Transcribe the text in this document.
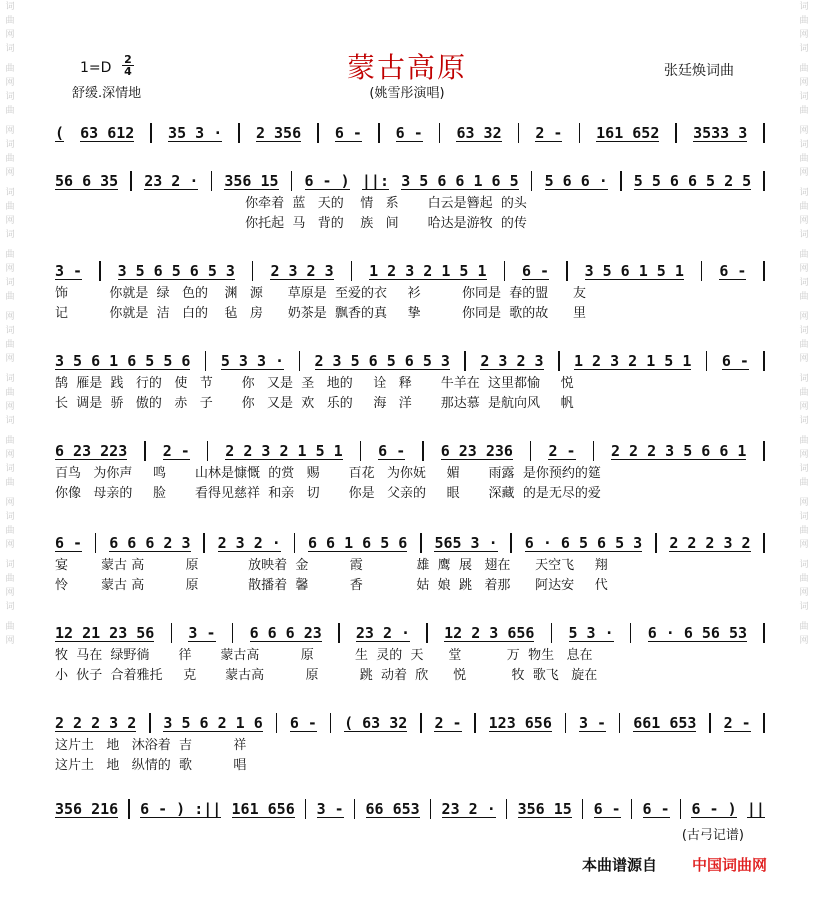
词
曲
网
词
曲
网
词
曲
网
词
曲
网
词
曲
网
词
曲
网
词
曲
网
词
曲
网
词
曲
网
词
曲
网
词
曲
网
词
曲
网
词
曲
网
词
曲
网
词
曲
网
词
曲
网
词
曲
网
词
曲
网
词
曲
网
词
曲
网
词
曲
网
词
曲
网
词
曲
网
词
曲
网
词
曲
网
词
曲
网
词
曲
网
词
曲
网
蒙古高原
(姚雪彤演唱)
1=D
2
4
舒缓.深情地
张廷焕词曲
( 63 612 35 3 · 2 356 6 - 6 - 63 32 2 - 161 652 3533 3
56 6 35 23 2 · 356 15 6 - ) ||: 3 5 6 6 1 6 5 5 6 6 · 5 5 6 6 5 2 5
你牵着  蓝   天的    情   系       白云是簪起  的头
你托起  马   背的    族   间       哈达是游牧  的传
3 - 3 5 6 5 6 5 3 2 3 2 3 1 2 3 2 1 5 1 6 - 3 5 6 1 5 1 6 -
饰          你就是  绿   色的    渊   源      草原是  至爱的衣     衫          你同是  春的盟      友
记          你就是  洁   白的    毡   房      奶茶是  飘香的真     挚          你同是  歌的故      里
3 5 6 1 6 5 5 6 5 3 3 · 2 3 5 6 5 6 5 3 2 3 2 3 1 2 3 2 1 5 1 6 -
鹄  雁是  践   行的   使   节       你   又是  圣   地的     诠   释       牛羊在  这里都愉     悦
长  调是  骄   傲的   赤   子       你   又是  欢   乐的     海   洋       那达慕  是航向风     帆
6 23 223 2 - 2 2 3 2 1 5 1 6 - 6 23 236 2 - 2 2 2 3 5 6 6 1
百鸟   为你声     鸣       山林是慷慨  的赏   赐       百花   为你妩     媚       雨露  是你预约的筵
你像   母亲的     脸       看得见慈祥  和亲   切       你是   父亲的     眼       深藏  的是无尽的爱
6 - 6 6 6 2 3 2 3 2 · 6 6 1 6 5 6 565 3 · 6 · 6 5 6 5 3 2 2 2 3 2
宴        蒙古 高          原            放映着  金          霞             雄  鹰  展   翅在      天空飞     翔
怜        蒙古 高          原            散播着  馨          香             姑  娘  跳   着那      阿达安     代
12 21 23 56 3 - 6 6 6 23 23 2 · 12 2 3 656 5 3 · 6 · 6 56 53
牧  马在  绿野徜       徉       蒙古高          原          生  灵的  天      堂           万  物生   息在
小  伙子  合着雅托     克       蒙古高          原          跳  动着  欣      悦           牧  歌飞   旋在
2 2 2 3 2 3 5 6 2 1 6 6 - ( 63 32 2 - 123 656 3 - 661 653 2 -
这片土   地   沐浴着  吉          祥
这片土   地   纵情的  歌          唱
356 216 6 - ) :|| 161 656 3 - 66 653 23 2 · 356 15 6 - 6 - 6 - ) ||
(古弓记谱)
本曲谱源自 中国词曲网
